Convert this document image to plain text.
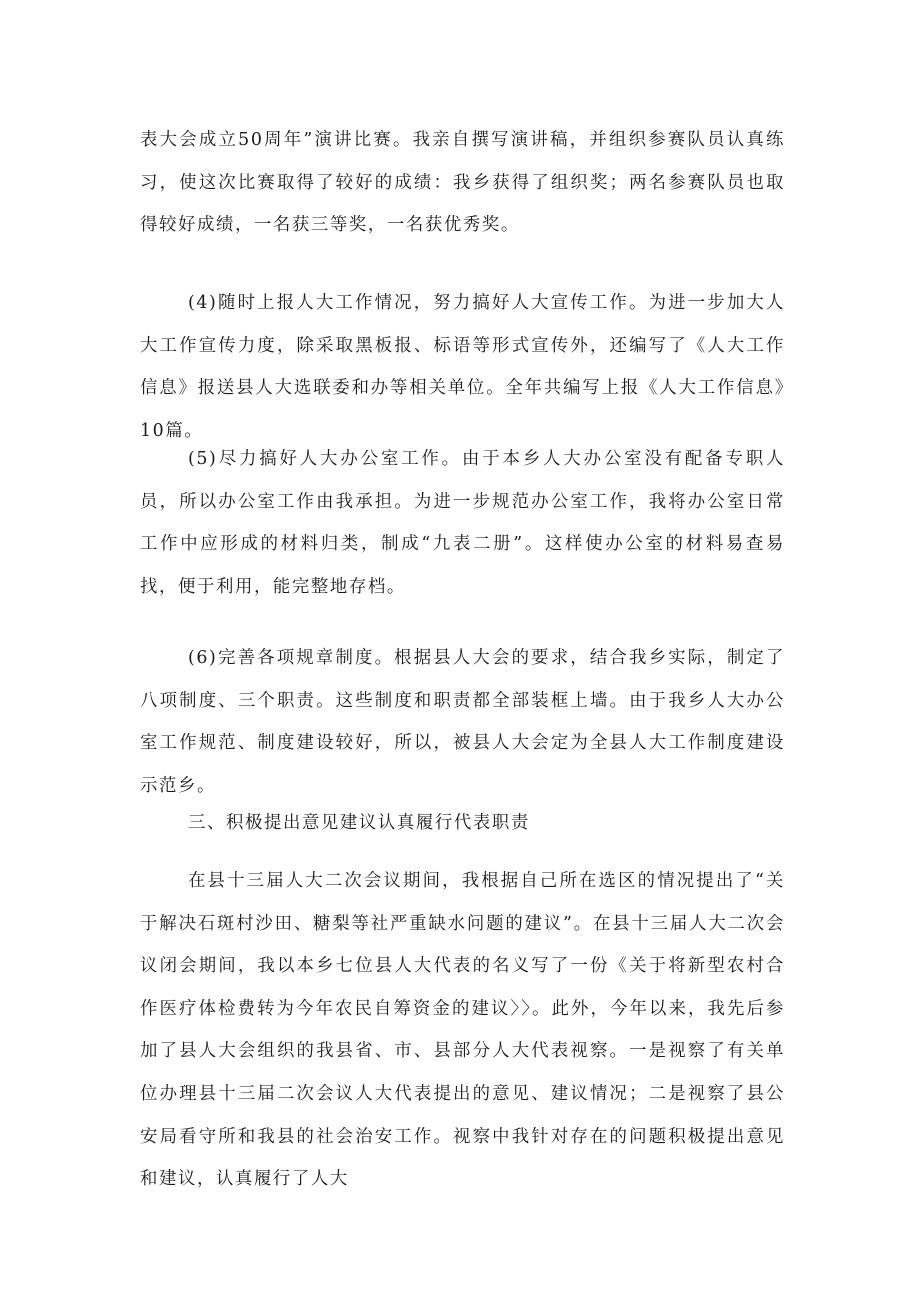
表大会成立50周年”演讲比赛。我亲自撰写演讲稿，并组织参赛队员认真练习，使这次比赛取得了较好的成绩：我乡获得了组织奖；两名参赛队员也取得较好成绩，一名获三等奖，一名获优秀奖。

(4)随时上报人大工作情况，努力搞好人大宣传工作。为进一步加大人大工作宣传力度，除采取黑板报、标语等形式宣传外，还编写了《人大工作信息》报送县人大选联委和办等相关单位。全年共编写上报《人大工作信息》10篇。

(5)尽力搞好人大办公室工作。由于本乡人大办公室没有配备专职人员，所以办公室工作由我承担。为进一步规范办公室工作，我将办公室日常工作中应形成的材料归类，制成“九表二册”。这样使办公室的材料易查易找，便于利用，能完整地存档。

(6)完善各项规章制度。根据县人大会的要求，结合我乡实际，制定了八项制度、三个职责。这些制度和职责都全部装框上墙。由于我乡人大办公室工作规范、制度建设较好，所以，被县人大会定为全县人大工作制度建设示范乡。

三、积极提出意见建议认真履行代表职责

在县十三届人大二次会议期间，我根据自己所在选区的情况提出了“关于解决石斑村沙田、糖梨等社严重缺水问题的建议”。在县十三届人大二次会议闭会期间，我以本乡七位县人大代表的名义写了一份《关于将新型农村合作医疗体检费转为今年农民自筹资金的建议〉〉。此外，今年以来，我先后参加了县人大会组织的我县省、市、县部分人大代表视察。一是视察了有关单位办理县十三届二次会议人大代表提出的意见、建议情况；二是视察了县公安局看守所和我县的社会治安工作。视察中我针对存在的问题积极提出意见和建议，认真履行了人大
